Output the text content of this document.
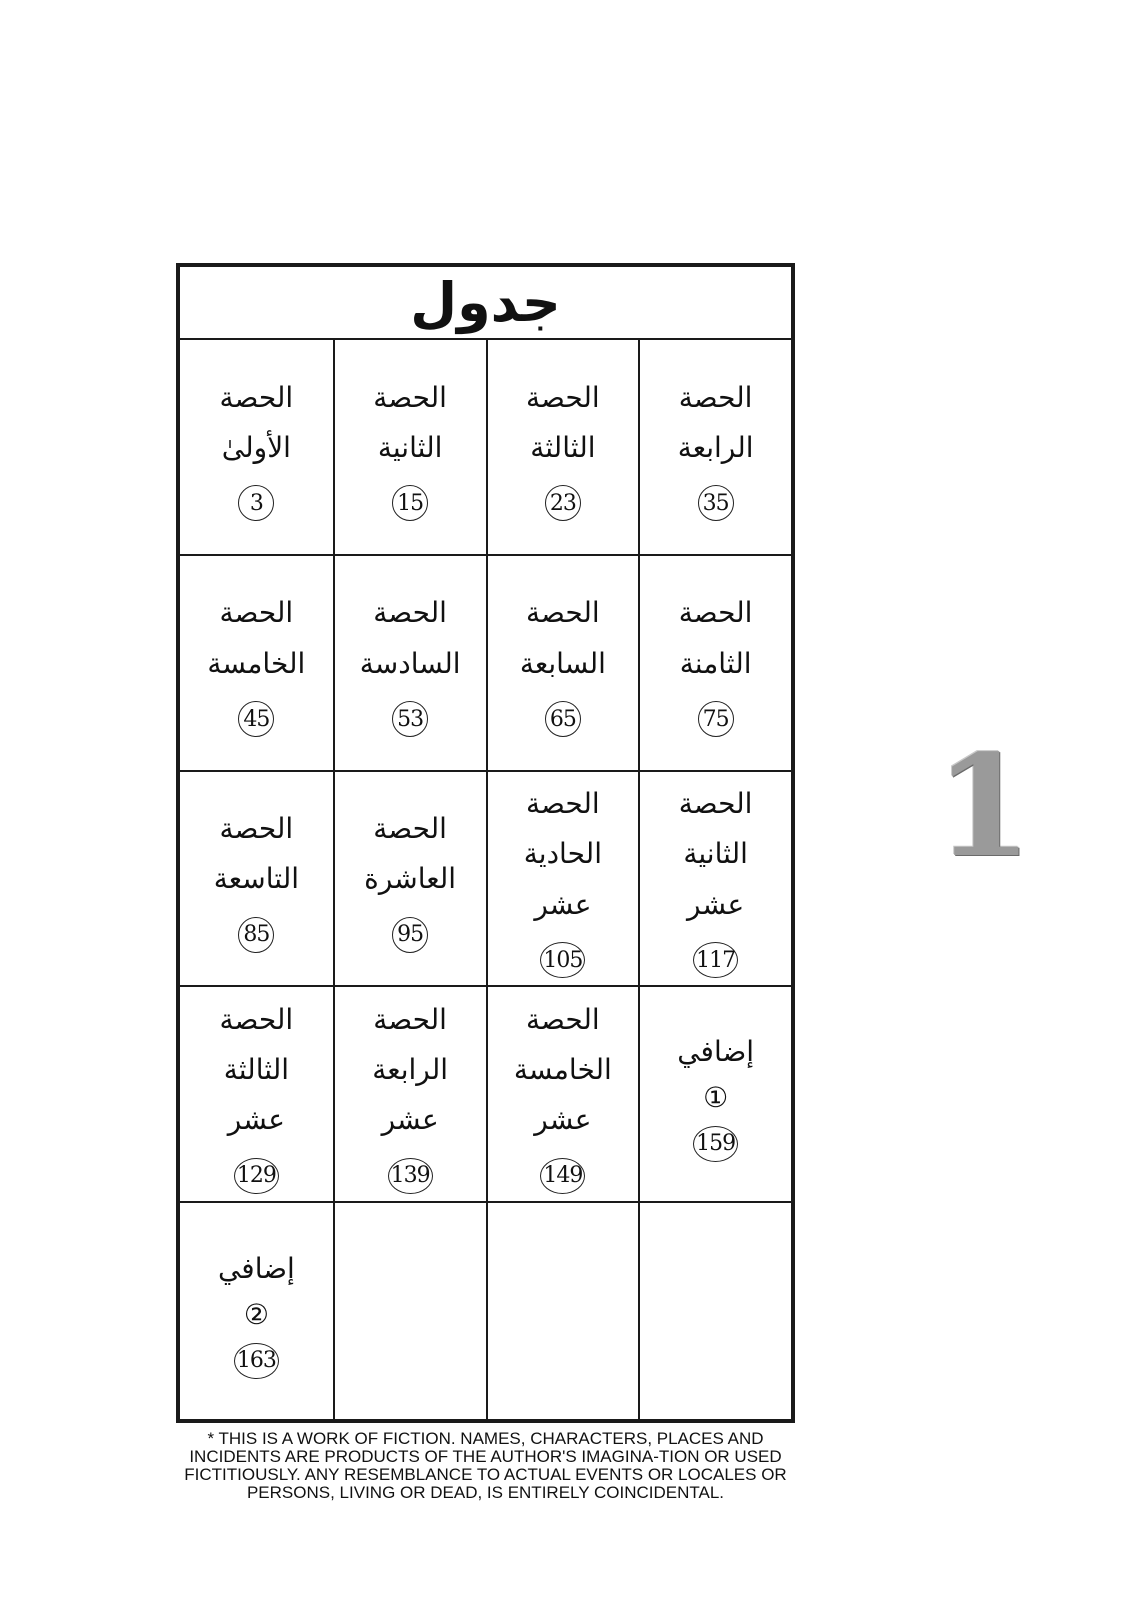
جدول
الحصة
الرابعة
35
الحصة
الثالثة
23
الحصة
الثانية
15
الحصة
الأولىٰ
3
الحصة
الثامنة
75
الحصة
السابعة
65
الحصة
السادسة
53
الحصة
الخامسة
45
الحصة
الثانية
عشر
117
الحصة
الحادية
عشر
105
الحصة
العاشرة
95
الحصة
التاسعة
85
إضافي
①
159
الحصة
الخامسة
عشر
149
الحصة
الرابعة
عشر
139
الحصة
الثالثة
عشر
129
إضافي
②
163
1
* THIS IS A WORK OF FICTION. NAMES, CHARACTERS, PLACES AND INCIDENTS ARE PRODUCTS OF THE AUTHOR'S IMAGINA-TION OR USED FICTITIOUSLY. ANY RESEMBLANCE TO ACTUAL EVENTS OR LOCALES OR PERSONS, LIVING OR DEAD, IS ENTIRELY COINCIDENTAL.
